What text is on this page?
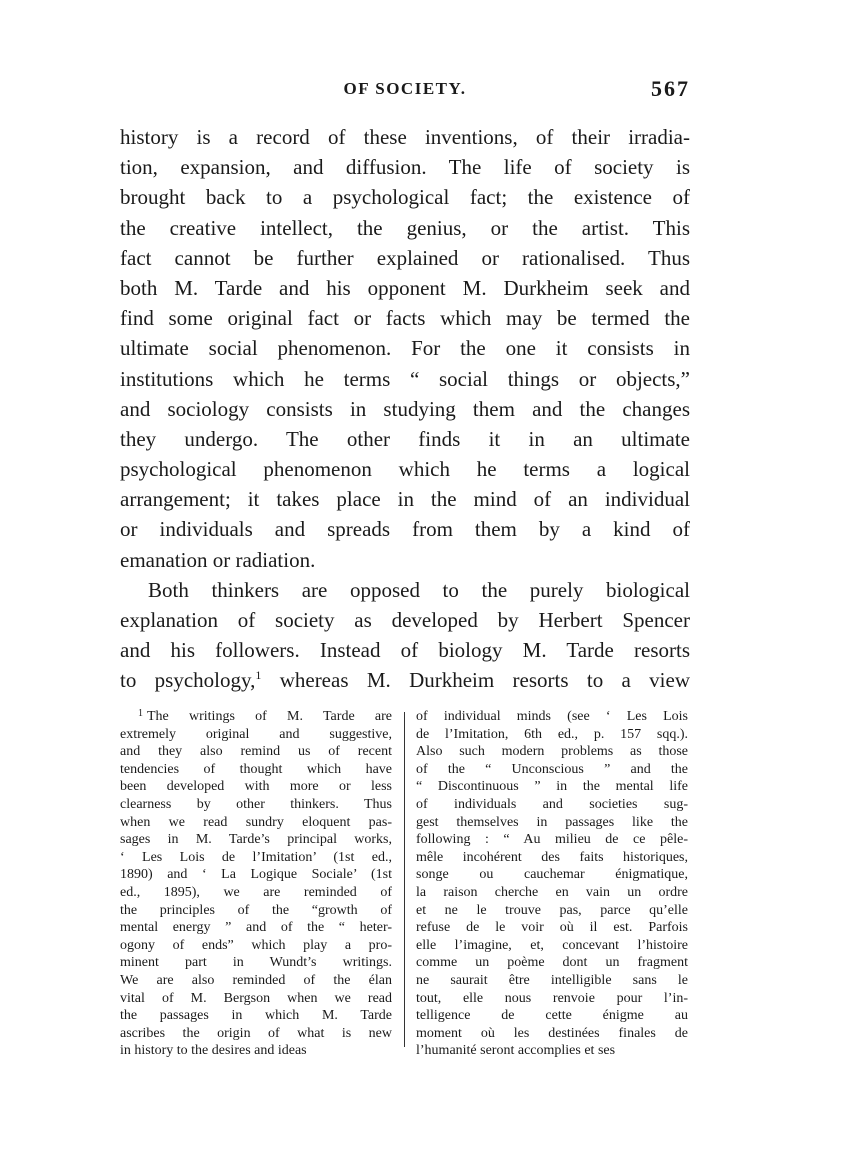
OF SOCIETY.	567
history is a record of these inventions, of their irradia-
tion, expansion, and diffusion. The life of society is
brought back to a psychological fact; the existence of
the creative intellect, the genius, or the artist. This
fact cannot be further explained or rationalised. Thus
both M. Tarde and his opponent M. Durkheim seek and
find some original fact or facts which may be termed the
ultimate social phenomenon. For the one it consists in
institutions which he terms “ social things or objects,”
and sociology consists in studying them and the changes
they undergo. The other finds it in an ultimate
psychological phenomenon which he terms a logical
arrangement; it takes place in the mind of an individual
or individuals and spreads from them by a kind of
emanation or radiation.
Both thinkers are opposed to the purely biological
explanation of society as developed by Herbert Spencer
and his followers. Instead of biology M. Tarde resorts
to psychology,$^1$ whereas M. Durkheim resorts to a view
$^1$ The writings of M. Tarde are
extremely original and suggestive,
and they also remind us of recent
tendencies of thought which have
been developed with more or less
clearness by other thinkers. Thus
when we read sundry eloquent pas-
sages in M. Tarde’s principal works,
‘ Les Lois de l’Imitation’ (1st ed.,
1890) and ‘ La Logique Sociale’ (1st
ed., 1895), we are reminded of
the principles of the “growth of
mental energy ” and of the “ heter-
ogony of ends” which play a pro-
minent part in Wundt’s writings.
We are also reminded of the élan
vital of M. Bergson when we read
the passages in which M. Tarde
ascribes the origin of what is new
in history to the desires and ideas
of individual minds (see ‘ Les Lois
de l’Imitation, 6th ed., p. 157 sqq.).
Also such modern problems as those
of the “ Unconscious ” and the
“ Discontinuous ” in the mental life
of individuals and societies sug-
gest themselves in passages like the
following : “ Au milieu de ce pêle-
mêle incohérent des faits historiques,
songe ou cauchemar énigmatique,
la raison cherche en vain un ordre
et ne le trouve pas, parce qu’elle
refuse de le voir où il est. Parfois
elle l’imagine, et, concevant l’histoire
comme un poème dont un fragment
ne saurait être intelligible sans le
tout, elle nous renvoie pour l’in-
telligence de cette énigme au
moment où les destinées finales de
l’humanité seront accomplies et ses
